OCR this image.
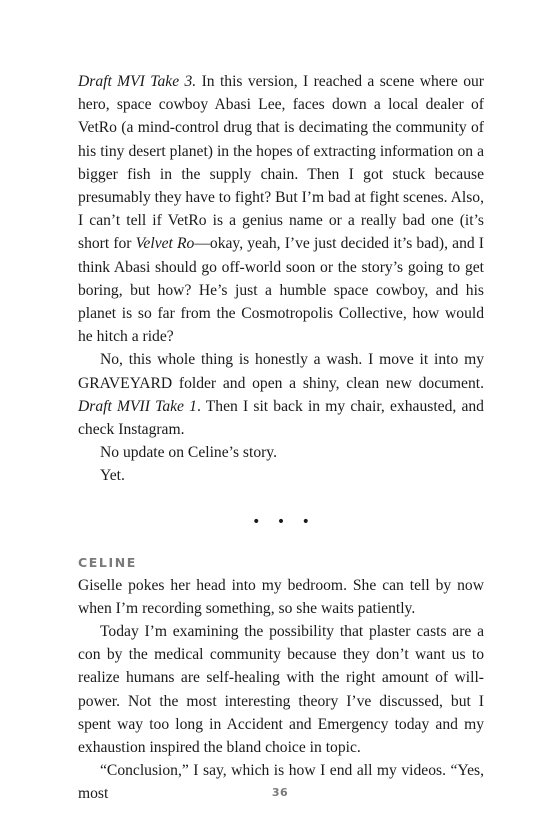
Draft MVI Take 3. In this version, I reached a scene where our hero, space cowboy Abasi Lee, faces down a local dealer of VetRo (a mind-control drug that is decimating the community of his tiny desert planet) in the hopes of extracting information on a bigger fish in the supply chain. Then I got stuck because presumably they have to fight? But I’m bad at fight scenes. Also, I can’t tell if VetRo is a genius name or a really bad one (it’s short for Velvet Ro—okay, yeah, I’ve just decided it’s bad), and I think Abasi should go off-world soon or the story’s going to get boring, but how? He’s just a humble space cowboy, and his planet is so far from the Cosmotropolis Collective, how would he hitch a ride?

No, this whole thing is honestly a wash. I move it into my GRAVEYARD folder and open a shiny, clean new document. Draft MVII Take 1. Then I sit back in my chair, exhausted, and check Instagram.

No update on Celine’s story.

Yet.

• • •
CELINE

Giselle pokes her head into my bedroom. She can tell by now when I’m recording something, so she waits patiently.

Today I’m examining the possibility that plaster casts are a con by the medical community because they don’t want us to realize humans are self-healing with the right amount of willpower. Not the most interesting theory I’ve discussed, but I spent way too long in Accident and Emergency today and my exhaustion inspired the bland choice in topic.

“Conclusion,” I say, which is how I end all my videos. “Yes, most	36
